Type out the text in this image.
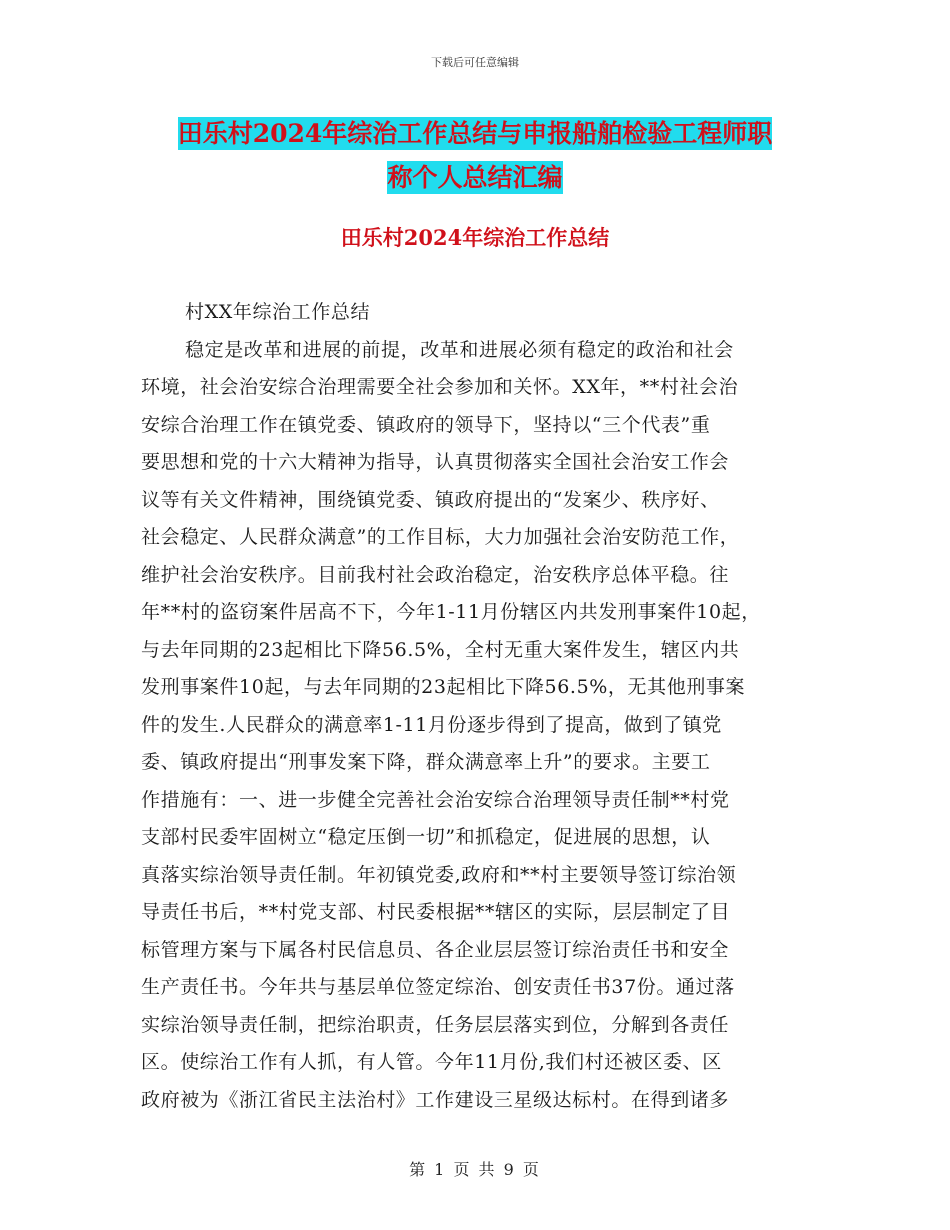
下载后可任意编辑
田乐村2024年综治工作总结与申报船舶检验工程师职
称个人总结汇编
田乐村2024年综治工作总结
村XX年综治工作总结
稳定是改革和进展的前提，改革和进展必须有稳定的政治和社会
环境，社会治安综合治理需要全社会参加和关怀。XX年，**村社会治
安综合治理工作在镇党委、镇政府的领导下，坚持以“三个代表”重
要思想和党的十六大精神为指导，认真贯彻落实全国社会治安工作会
议等有关文件精神，围绕镇党委、镇政府提出的“发案少、秩序好、
社会稳定、人民群众满意”的工作目标，大力加强社会治安防范工作，
维护社会治安秩序。目前我村社会政治稳定，治安秩序总体平稳。往
年**村的盗窃案件居高不下，今年1-11月份辖区内共发刑事案件10起，
与去年同期的23起相比下降56.5%，全村无重大案件发生，辖区内共
发刑事案件10起，与去年同期的23起相比下降56.5%，无其他刑事案
件的发生.人民群众的满意率1-11月份逐步得到了提高，做到了镇党
委、镇政府提出“刑事发案下降，群众满意率上升”的要求。主要工
作措施有：一、进一步健全完善社会治安综合治理领导责任制**村党
支部村民委牢固树立“稳定压倒一切”和抓稳定，促进展的思想，认
真落实综治领导责任制。年初镇党委,政府和**村主要领导签订综治领
导责任书后，**村党支部、村民委根据**辖区的实际，层层制定了目
标管理方案与下属各村民信息员、各企业层层签订综治责任书和安全
生产责任书。今年共与基层单位签定综治、创安责任书37份。通过落
实综治领导责任制，把综治职责，任务层层落实到位，分解到各责任
区。使综治工作有人抓，有人管。今年11月份,我们村还被区委、区
政府被为《浙江省民主法治村》工作建设三星级达标村。在得到诸多
第 1 页 共 9 页
